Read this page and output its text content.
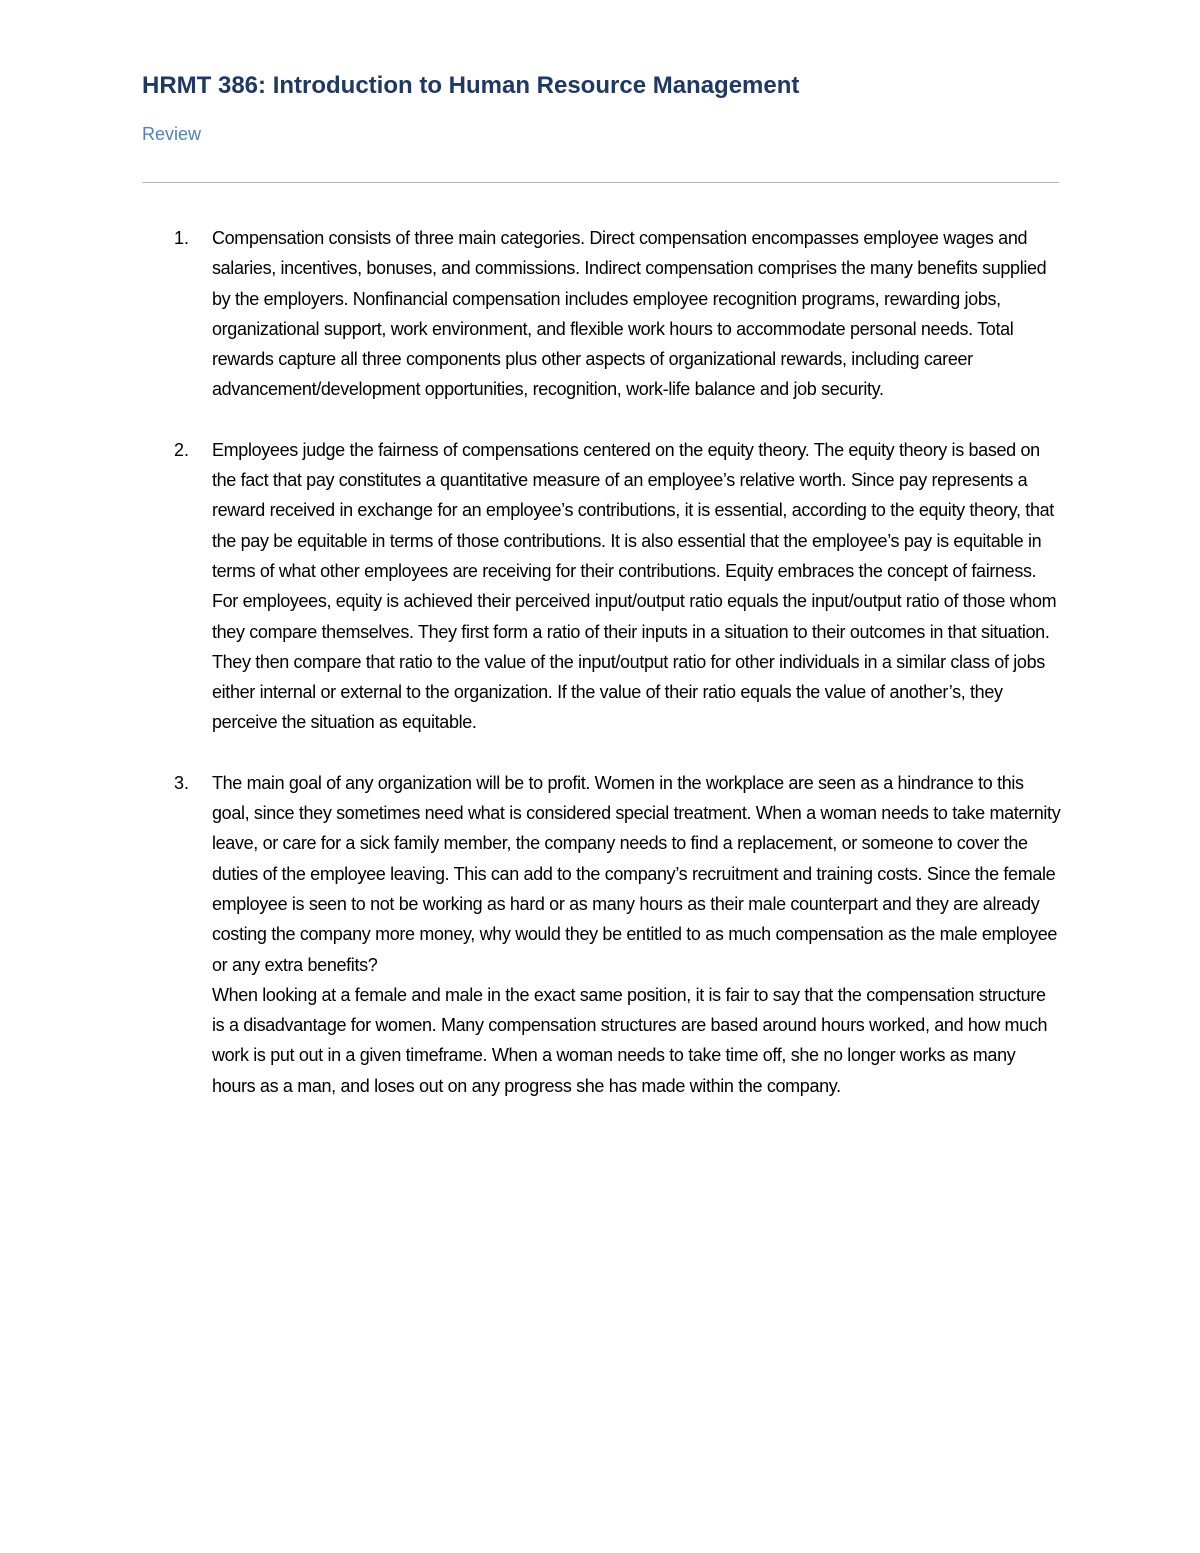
HRMT 386: Introduction to Human Resource Management
Review
1. Compensation consists of three main categories. Direct compensation encompasses employee wages and salaries, incentives, bonuses, and commissions. Indirect compensation comprises the many benefits supplied by the employers. Nonfinancial compensation includes employee recognition programs, rewarding jobs, organizational support, work environment, and flexible work hours to accommodate personal needs. Total rewards capture all three components plus other aspects of organizational rewards, including career advancement/development opportunities, recognition, work-life balance and job security.

2. Employees judge the fairness of compensations centered on the equity theory. The equity theory is based on the fact that pay constitutes a quantitative measure of an employee’s relative worth. Since pay represents a reward received in exchange for an employee’s contributions, it is essential, according to the equity theory, that the pay be equitable in terms of those contributions. It is also essential that the employee’s pay is equitable in terms of what other employees are receiving for their contributions. Equity embraces the concept of fairness.

For employees, equity is achieved their perceived input/output ratio equals the input/output ratio of those whom they compare themselves. They first form a ratio of their inputs in a situation to their outcomes in that situation. They then compare that ratio to the value of the input/output ratio for other individuals in a similar class of jobs either internal or external to the organization. If the value of their ratio equals the value of another’s, they perceive the situation as equitable.

3. The main goal of any organization will be to profit. Women in the workplace are seen as a hindrance to this goal, since they sometimes need what is considered special treatment. When a woman needs to take maternity leave, or care for a sick family member, the company needs to find a replacement, or someone to cover the duties of the employee leaving. This can add to the company’s recruitment and training costs. Since the female employee is seen to not be working as hard or as many hours as their male counterpart and they are already costing the company more money, why would they be entitled to as much compensation as the male employee or any extra benefits?

When looking at a female and male in the exact same position, it is fair to say that the compensation structure is a disadvantage for women. Many compensation structures are based around hours worked, and how much work is put out in a given timeframe. When a woman needs to take time off, she no longer works as many hours as a man, and loses out on any progress she has made within the company.
